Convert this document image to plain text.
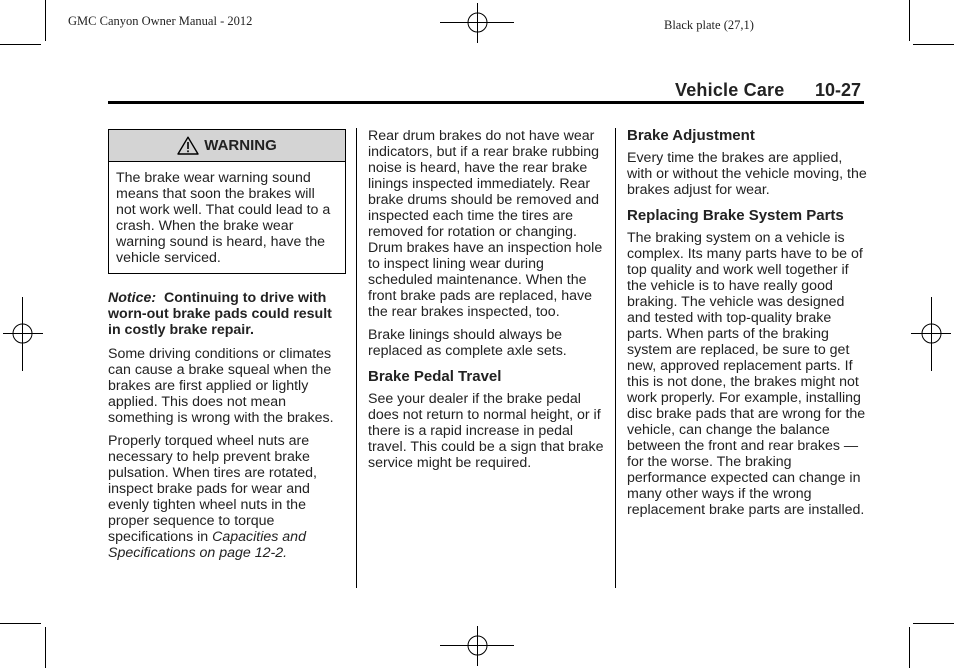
GMC Canyon Owner Manual - 2012	Black plate (27,1)
Vehicle Care 10-27
WARNING
The brake wear warning sound means that soon the brakes will not work well. That could lead to a crash. When the brake wear warning sound is heard, have the vehicle serviced.

Notice: Continuing to drive with worn-out brake pads could result in costly brake repair.

Some driving conditions or climates can cause a brake squeal when the brakes are first applied or lightly applied. This does not mean something is wrong with the brakes.

Properly torqued wheel nuts are necessary to help prevent brake pulsation. When tires are rotated, inspect brake pads for wear and evenly tighten wheel nuts in the proper sequence to torque specifications in Capacities and Specifications on page 12-2.

Rear drum brakes do not have wear indicators, but if a rear brake rubbing noise is heard, have the rear brake linings inspected immediately. Rear brake drums should be removed and inspected each time the tires are removed for rotation or changing. Drum brakes have an inspection hole to inspect lining wear during scheduled maintenance. When the front brake pads are replaced, have the rear brakes inspected, too.

Brake linings should always be replaced as complete axle sets.

Brake Pedal Travel

See your dealer if the brake pedal does not return to normal height, or if there is a rapid increase in pedal travel. This could be a sign that brake service might be required.

Brake Adjustment

Every time the brakes are applied, with or without the vehicle moving, the brakes adjust for wear.

Replacing Brake System Parts

The braking system on a vehicle is complex. Its many parts have to be of top quality and work well together if the vehicle is to have really good braking. The vehicle was designed and tested with top-quality brake parts. When parts of the braking system are replaced, be sure to get new, approved replacement parts. If this is not done, the brakes might not work properly. For example, installing disc brake pads that are wrong for the vehicle, can change the balance between the front and rear brakes — for the worse. The braking performance expected can change in many other ways if the wrong replacement brake parts are installed.
